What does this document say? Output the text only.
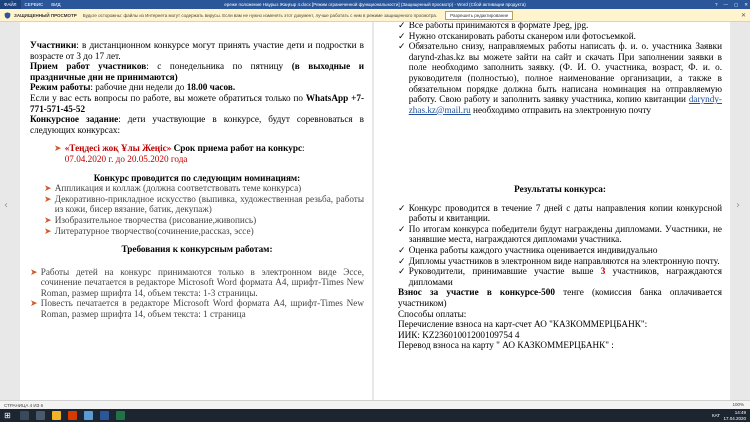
ФАЙЛ	СЕРВИС	ВИД	ереже положение Наурыз Жаңғыр 4.docx [Режим ограниченной функциональности] (Защищенный просмотр) - Word (Сбой активации продукта)	? — ▢ ✕
ЗАЩИЩЕННЫЙ ПРОСМОТР Будьте осторожны: файлы из Интернета могут содержать вирусы. Если вам не нужно изменять этот документ, лучше работать с ним в режиме защищенного просмотра.	Разрешить редактирование	✕
‹	›

Участники: в дистанционном конкурсе могут принять участие дети и подростки в возрасте от 3 до 17 лет.

Прием работ участников: с понедельника по пятницу (в выходные и праздничные дни не принимаются)

Режим работы: рабочие дни недели до 18.00 часов.

Если у вас есть вопросы по работе, вы можете обратиться только по WhatsApp +7-771-571-45-52

Конкурсное задание: дети участвующие в конкурсе, будут соревноваться в следующих конкурсах:

➤ «Теңдесі жоқ Ұлы Жеңіс» Срок приема работ на конкурс:
07.04.2020 г. до 20.05.2020 года

Конкурс проводится по следующим номинациям:

➤ Аппликация и коллаж (должна соответствовать теме конкурса)
➤ Декоративно-прикладное искусство (выпивка, художественная резьба, работы из кожи, бисер вязание, батик, декупаж)
➤ Изобразительное творчества (рисование,живопись)
➤ Литературное творчество(сочинение,рассказ, эссе)

Требования к конкурсным работам:

➤ Работы детей на конкурс принимаются только в электронном виде Эссе, сочинение печатается в редакторе Microsoft Word формата А4, шрифт-Times New Roman, размер шрифта 14, объем текста: 1-3 страницы.
➤ Повесть печатается в редакторе Microsoft Word формата А4, шрифт-Times New Roman, размер шрифта 14, объем текста: 1 страница
✓ Все работы принимаются в формате Jpeg, jpg.
✓ Нужно отсканировать работы сканером или фотосъемкой.
✓ Обязательно снизу, направляемых работы написать ф. и. о. участника Заявки darynd-zhas.kz вы можете зайти на сайт и скачать При заполнении заявки в поле необходимо заполнить заявку. (Ф. И. О. участника, возраст, Ф. и. о. руководителя (полностью), полное наименование организации, а также в обязательном порядке должна быть написана номинация на отправляемую работу. Свою работу и заполнить заявку участника, копию квитанции daryndy-zhas.kz@mail.ru необходимо отправить на электронную почту

Результаты конкурса:

✓ Конкурс проводится в течение 7 дней с даты направления копии конкурсной работы и квитанции.
✓ По итогам конкурса победители будут награждены дипломами. Участники, не занявшие места, награждаются дипломами участника.
✓ Оценка работы каждого участника оценивается индивидуально
✓ Дипломы участников в электронном виде направляются на электронную почту.
✓ Руководители, принимавшие участие выше 3 участников, награждаются дипломами

Взнос за участие в конкурсе-500 тенге (комиссия банка оплачивается участником)

Способы оплаты:

Перечисление взноса на карт-счет АО "КАЗКОММЕРЦБАНК":

ИИК: KZ23601001200109754 4

Перевод взноса на карту " АО КАЗКОММЕРЦБАНК" :

СТРАНИЦА 4 ИЗ 6	100%
⊞	КАТ
14:49
17.04.2020
